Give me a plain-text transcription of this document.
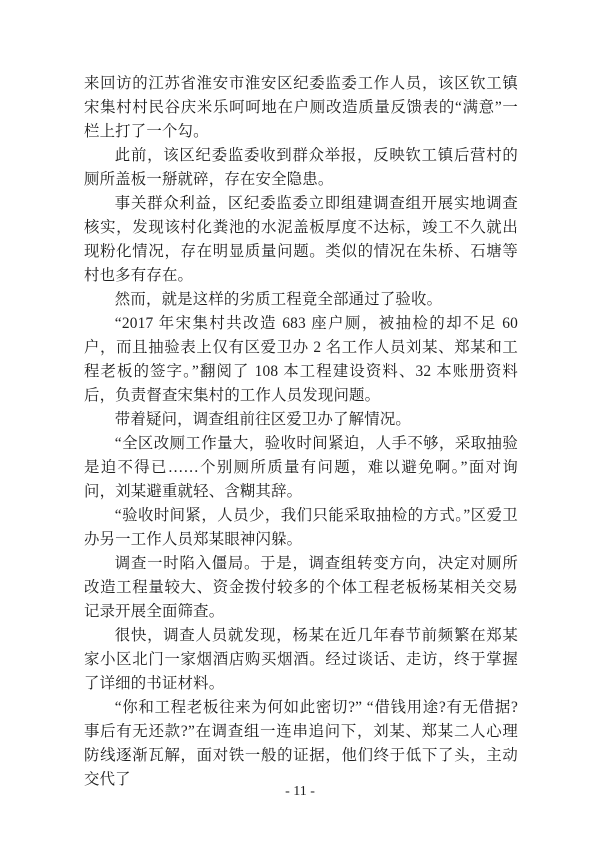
来回访的江苏省淮安市淮安区纪委监委工作人员，该区钦工镇宋集村村民谷庆米乐呵呵地在户厕改造质量反馈表的“满意”一栏上打了一个勾。

此前，该区纪委监委收到群众举报，反映钦工镇后营村的厕所盖板一掰就碎，存在安全隐患。

事关群众利益，区纪委监委立即组建调查组开展实地调查核实，发现该村化粪池的水泥盖板厚度不达标，竣工不久就出现粉化情况，存在明显质量问题。类似的情况在朱桥、石塘等村也多有存在。

然而，就是这样的劣质工程竟全部通过了验收。

“2017 年宋集村共改造 683 座户厕，被抽检的却不足 60 户，而且抽验表上仅有区爱卫办 2 名工作人员刘某、郑某和工程老板的签字。”翻阅了 108 本工程建设资料、32 本账册资料后，负责督查宋集村的工作人员发现问题。

带着疑问，调查组前往区爱卫办了解情况。

“全区改厕工作量大，验收时间紧迫，人手不够，采取抽验是迫不得已……个别厕所质量有问题，难以避免啊。”面对询问，刘某避重就轻、含糊其辞。

“验收时间紧，人员少，我们只能采取抽检的方式。”区爱卫办另一工作人员郑某眼神闪躲。

调查一时陷入僵局。于是，调查组转变方向，决定对厕所改造工程量较大、资金拨付较多的个体工程老板杨某相关交易记录开展全面筛查。

很快，调查人员就发现，杨某在近几年春节前频繁在郑某家小区北门一家烟酒店购买烟酒。经过谈话、走访，终于掌握了详细的书证材料。

“你和工程老板往来为何如此密切?” “借钱用途?有无借据?事后有无还款?”在调查组一连串追问下，刘某、郑某二人心理防线逐渐瓦解，面对铁一般的证据，他们终于低下了头，主动交代了

- 11 -
